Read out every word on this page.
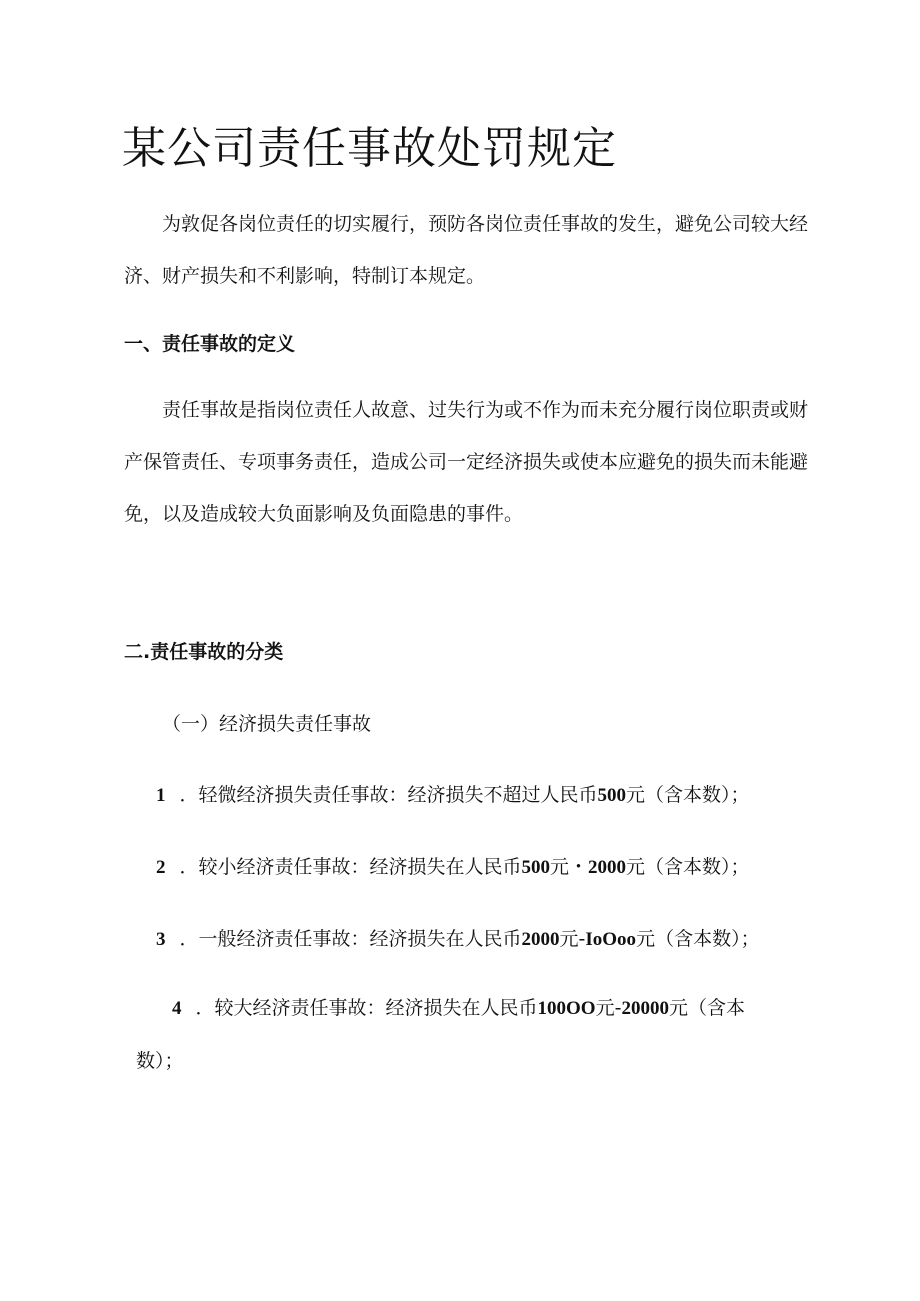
某公司责任事故处罚规定
为敦促各岗位责任的切实履行，预防各岗位责任事故的发生，避免公司较大经济、财产损失和不利影响，特制订本规定。
一、责任事故的定义
责任事故是指岗位责任人故意、过失行为或不作为而未充分履行岗位职责或财产保管责任、专项事务责任，造成公司一定经济损失或使本应避免的损失而未能避免，以及造成较大负面影响及负面隐患的事件。
二.责任事故的分类
（一）经济损失责任事故
1 ．轻微经济损失责任事故：经济损失不超过人民币500元（含本数）；
2 ．较小经济责任事故：经济损失在人民币500元・2000元（含本数）；
3 ．一般经济责任事故：经济损失在人民币2000元-IoOoo元（含本数）；
4 ．较大经济责任事故：经济损失在人民币100OO元-20000元（含本
数）；
